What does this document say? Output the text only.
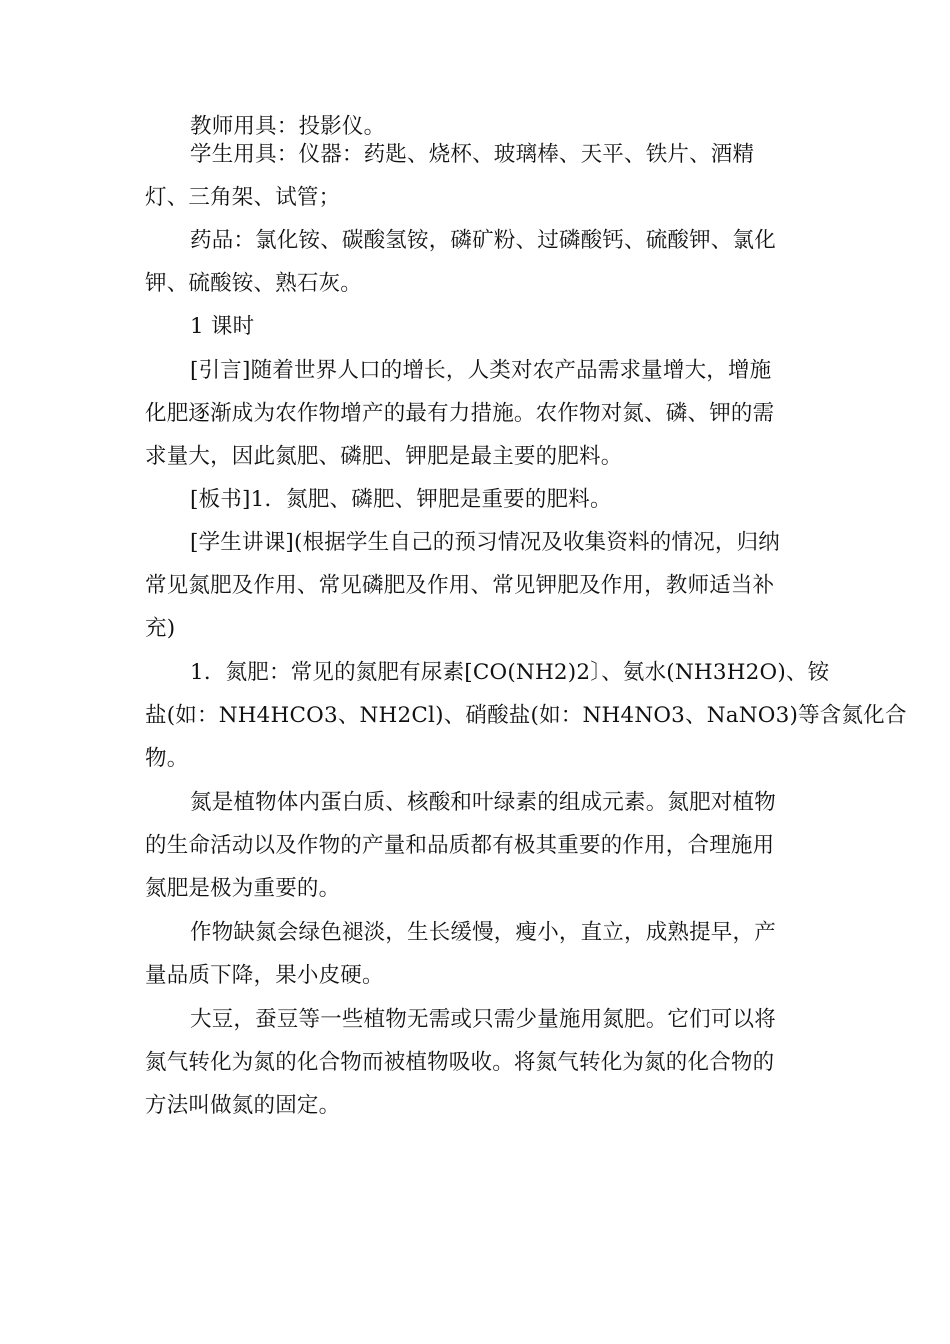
教师用具：投影仪。
学生用具：仪器：药匙、烧杯、玻璃棒、天平、铁片、酒精
灯、三角架、试管；
药品：氯化铵、碳酸氢铵，磷矿粉、过磷酸钙、硫酸钾、氯化
钾、硫酸铵、熟石灰。
1 课时
[引言]随着世界人口的增长，人类对农产品需求量增大，增施
化肥逐渐成为农作物增产的最有力措施。农作物对氮、磷、钾的需
求量大，因此氮肥、磷肥、钾肥是最主要的肥料。
[板书]1．氮肥、磷肥、钾肥是重要的肥料。
[学生讲课](根据学生自己的预习情况及收集资料的情况，归纳
常见氮肥及作用、常见磷肥及作用、常见钾肥及作用，教师适当补
充)
1．氮肥：常见的氮肥有尿素[CO(NH2)2〕、氨水(NH3H2O)、铵
盐(如：NH4HCO3、NH2Cl)、硝酸盐(如：NH4NO3、NaNO3)等含氮化合
物。
氮是植物体内蛋白质、核酸和叶绿素的组成元素。氮肥对植物
的生命活动以及作物的产量和品质都有极其重要的作用，合理施用
氮肥是极为重要的。
作物缺氮会绿色褪淡，生长缓慢，瘦小，直立，成熟提早，产
量品质下降，果小皮硬。
大豆，蚕豆等一些植物无需或只需少量施用氮肥。它们可以将
氮气转化为氮的化合物而被植物吸收。将氮气转化为氮的化合物的
方法叫做氮的固定。
